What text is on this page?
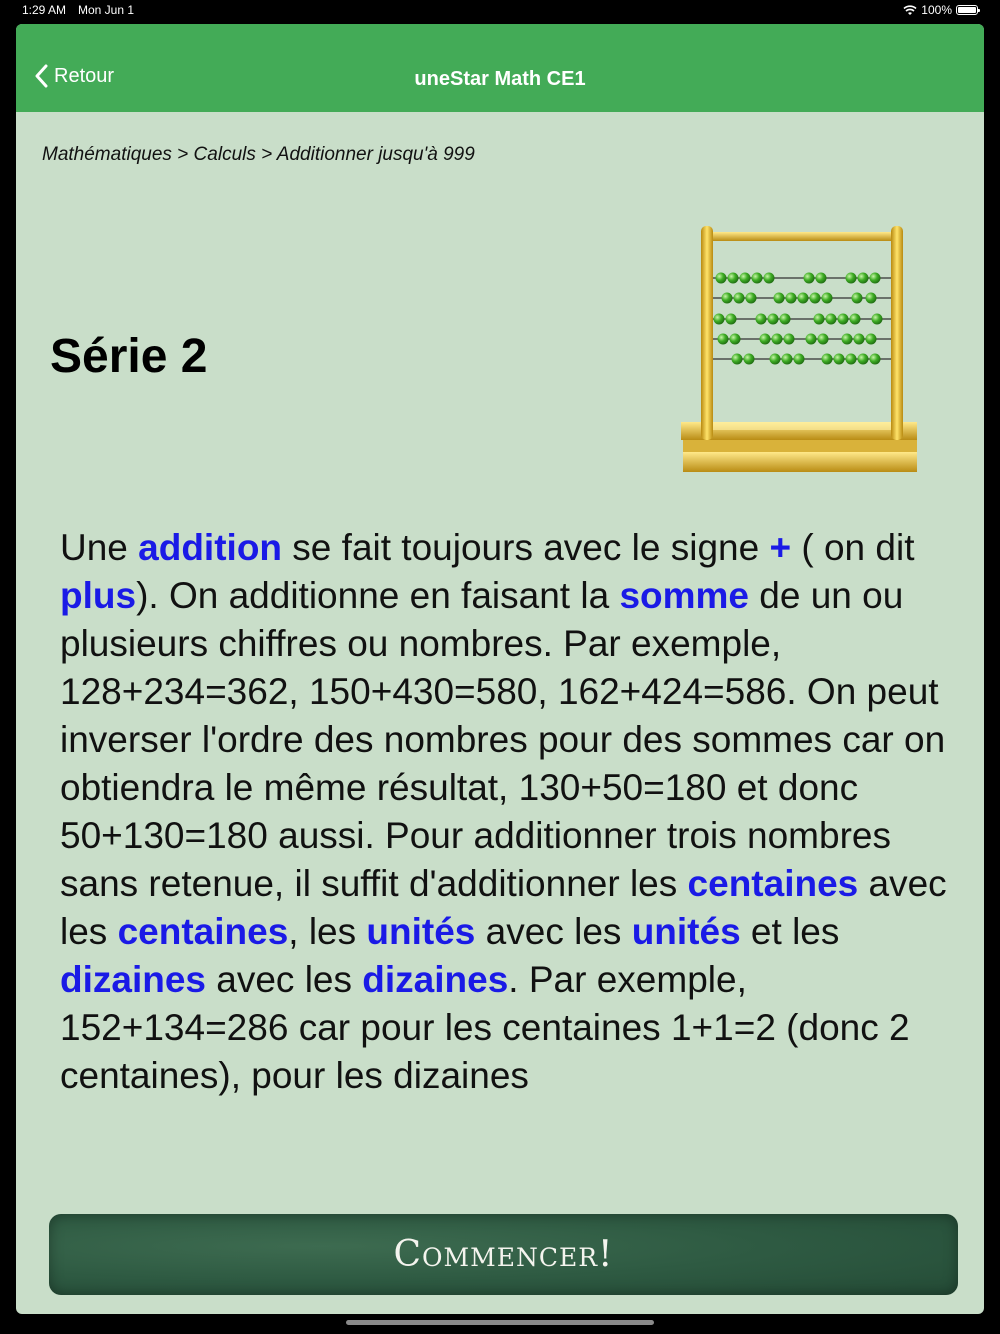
1:29 AM Mon Jun 1	100%
Retour	uneStar Math CE1
Mathématiques > Calculs > Additionner jusqu'à 999
Série 2
Une addition se fait toujours avec le signe + ( on dit plus). On additionne en faisant la somme de un ou plusieurs chiffres ou nombres. Par exemple, 128+234=362, 150+430=580, 162+424=586. On peut inverser l'ordre des nombres pour des sommes car on obtiendra le même résultat, 130+50=180 et donc 50+130=180 aussi. Pour additionner trois nombres sans retenue, il suffit d'additionner les centaines avec les centaines, les unités avec les unités et les dizaines avec les dizaines. Par exemple, 152+134=286 car pour les centaines 1+1=2 (donc 2 centaines), pour les dizaines
Commencer!
